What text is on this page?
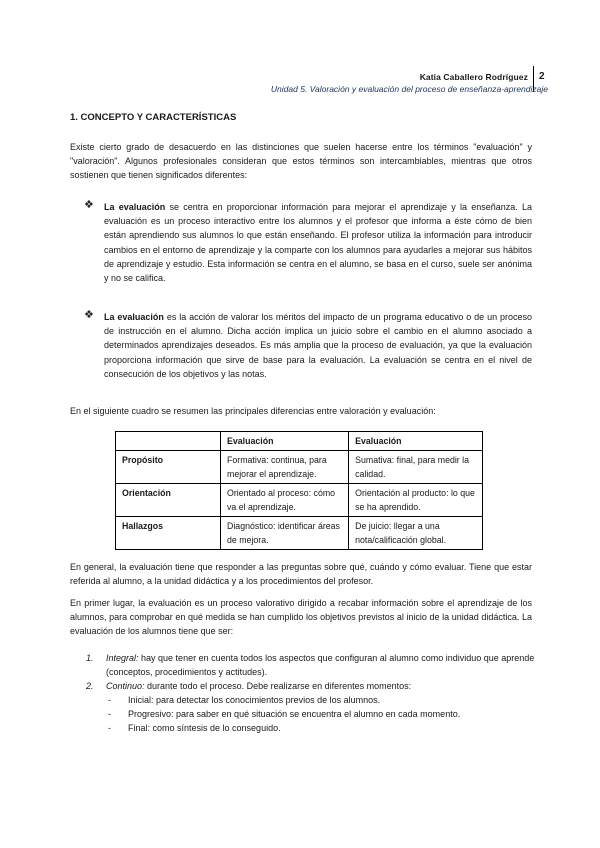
Katia Caballero Rodríguez 2
Unidad 5. Valoración y evaluación del proceso de enseñanza-aprendizaje
1. CONCEPTO Y CARACTERÍSTICAS
Existe cierto grado de desacuerdo en las distinciones que suelen hacerse entre los términos "evaluación" y "valoración". Algunos profesionales consideran que estos términos son intercambiables, mientras que otros sostienen que tienen significados diferentes:
❖ La evaluación se centra en proporcionar información para mejorar el aprendizaje y la enseñanza. La evaluación es un proceso interactivo entre los alumnos y el profesor que informa a éste cómo de bien están aprendiendo sus alumnos lo que están enseñando. El profesor utiliza la información para introducir cambios en el entorno de aprendizaje y la comparte con los alumnos para ayudarles a mejorar sus hábitos de aprendizaje y estudio. Esta información se centra en el alumno, se basa en el curso, suele ser anónima y no se califica.
❖ La evaluación es la acción de valorar los méritos del impacto de un programa educativo o de un proceso de instrucción en el alumno. Dicha acción implica un juicio sobre el cambio en el alumno asociado a determinados aprendizajes deseados. Es más amplia que la proceso de evaluación, ya que la evaluación proporciona información que sirve de base para la evaluación. La evaluación se centra en el nivel de consecución de los objetivos y las notas.
En el siguiente cuadro se resumen las principales diferencias entre valoración y evaluación:
	Evaluación	Evaluación
Propósito	Formativa: continua, para mejorar el aprendizaje.	Sumativa: final, para medir la calidad.
Orientación	Orientado al proceso: cómo va el aprendizaje.	Orientación al producto: lo que se ha aprendido.
Hallazgos	Diagnóstico: identificar áreas de mejora.	De juicio: llegar a una nota/calificación global.
En general, la evaluación tiene que responder a las preguntas sobre qué, cuándo y cómo evaluar. Tiene que estar referida al alumno, a la unidad didáctica y a los procedimientos del profesor.
En primer lugar, la evaluación es un proceso valorativo dirigido a recabar información sobre el aprendizaje de los alumnos, para comprobar en qué medida se han cumplido los objetivos previstos al inicio de la unidad didáctica. La evaluación de los alumnos tiene que ser:
1. Integral: hay que tener en cuenta todos los aspectos que configuran al alumno como individuo que aprende (conceptos, procedimientos y actitudes).
2. Continuo: durante todo el proceso. Debe realizarse en diferentes momentos:
- Inicial: para detectar los conocimientos previos de los alumnos.
- Progresivo: para saber en qué situación se encuentra el alumno en cada momento.
- Final: como síntesis de lo conseguido.
